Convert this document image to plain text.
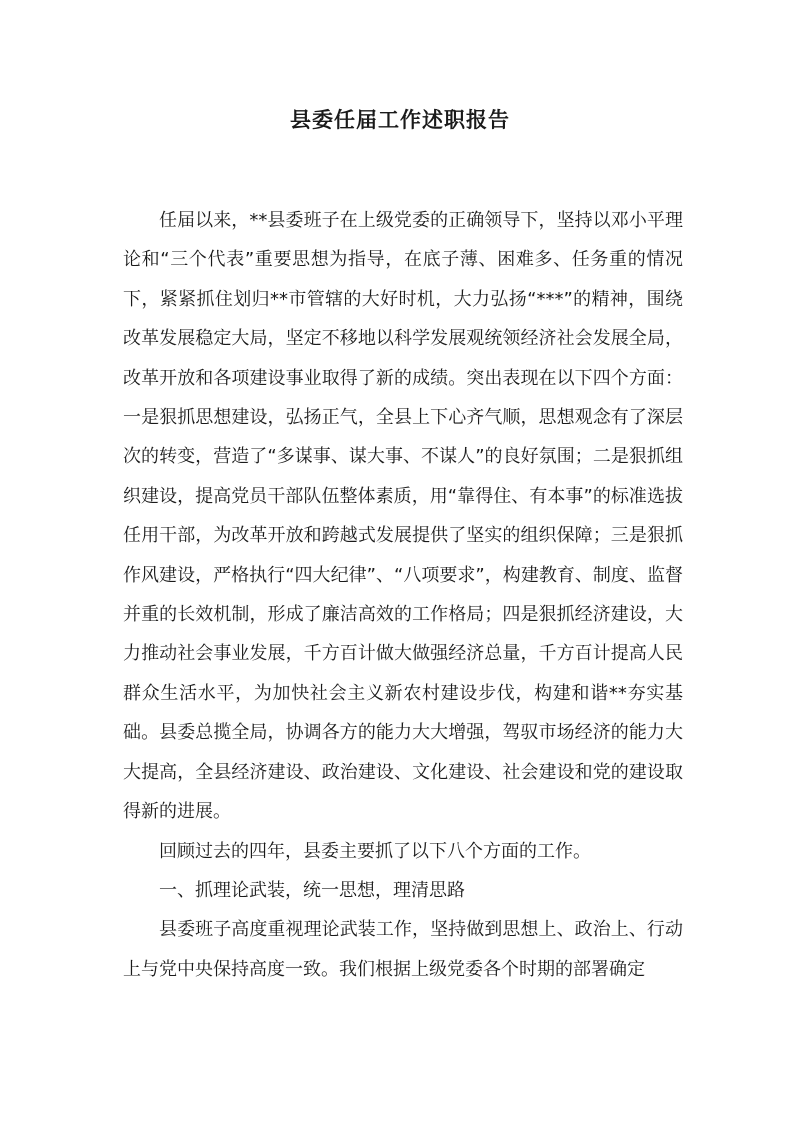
县委任届工作述职报告

任届以来，**县委班子在上级党委的正确领导下，坚持以邓小平理论和“三个代表”重要思想为指导，在底子薄、困难多、任务重的情况下，紧紧抓住划归**市管辖的大好时机，大力弘扬“***”的精神，围绕改革发展稳定大局，坚定不移地以科学发展观统领经济社会发展全局，改革开放和各项建设事业取得了新的成绩。突出表现在以下四个方面：一是狠抓思想建设，弘扬正气，全县上下心齐气顺，思想观念有了深层次的转变，营造了“多谋事、谋大事、不谋人”的良好氛围；二是狠抓组织建设，提高党员干部队伍整体素质，用“靠得住、有本事”的标准选拔任用干部，为改革开放和跨越式发展提供了坚实的组织保障；三是狠抓作风建设，严格执行“四大纪律”、“八项要求”，构建教育、制度、监督并重的长效机制，形成了廉洁高效的工作格局；四是狠抓经济建设，大力推动社会事业发展，千方百计做大做强经济总量，千方百计提高人民群众生活水平，为加快社会主义新农村建设步伐，构建和谐**夯实基础。县委总揽全局，协调各方的能力大大增强，驾驭市场经济的能力大大提高，全县经济建设、政治建设、文化建设、社会建设和党的建设取得新的进展。

回顾过去的四年，县委主要抓了以下八个方面的工作。

一、抓理论武装，统一思想，理清思路

县委班子高度重视理论武装工作，坚持做到思想上、政治上、行动上与党中央保持高度一致。我们根据上级党委各个时期的部署确定
